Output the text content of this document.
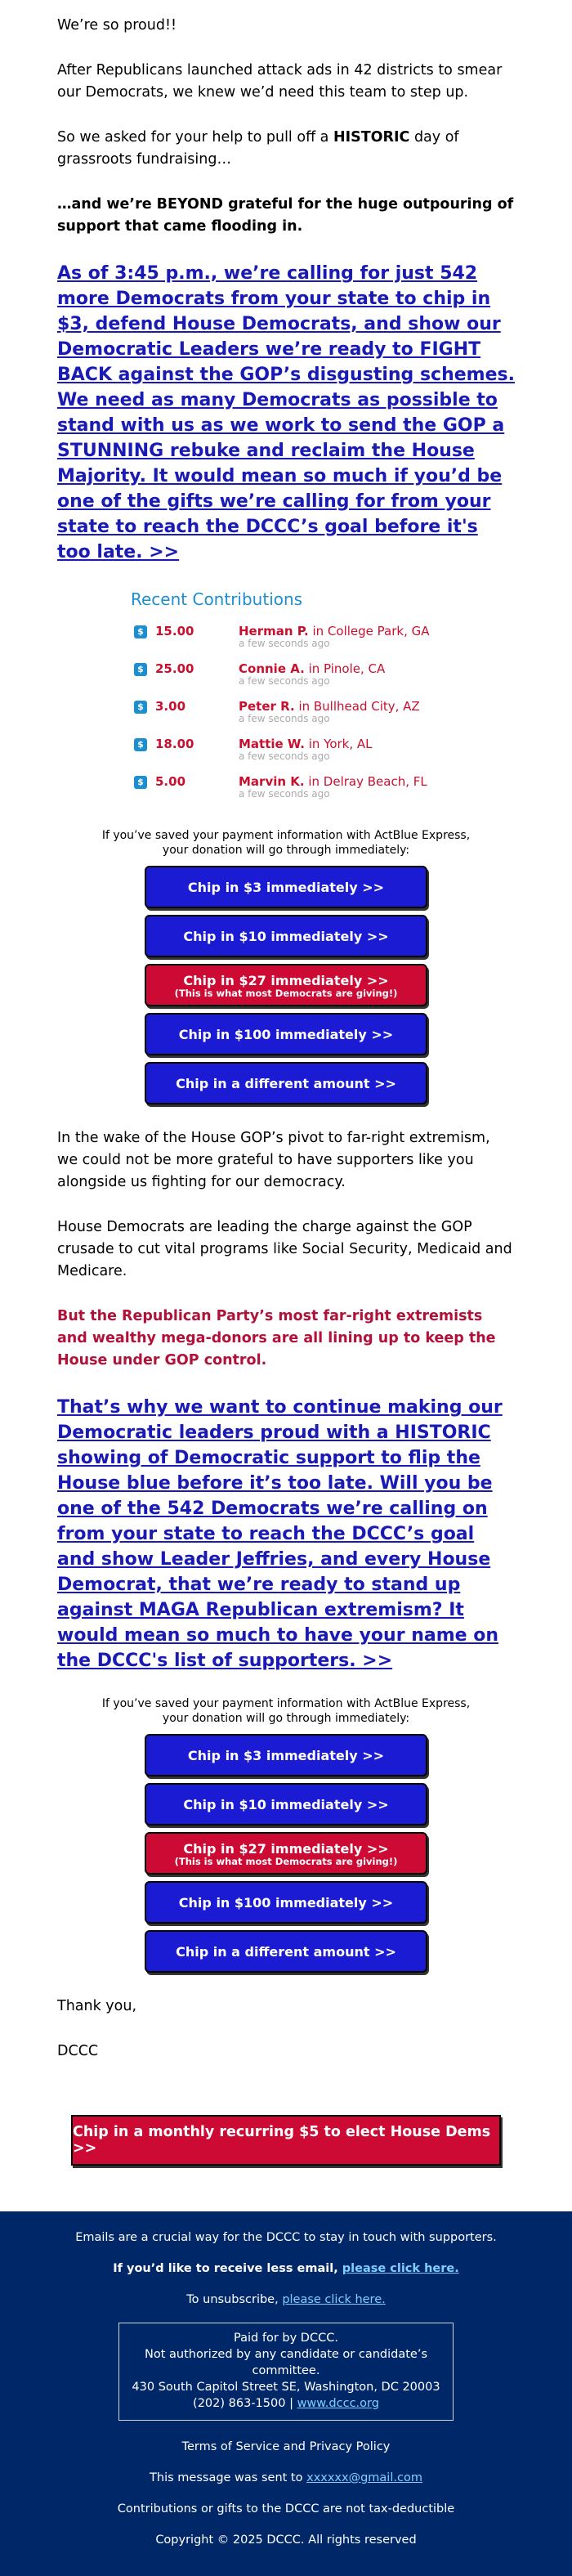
We’re so proud!!

After Republicans launched attack ads in 42 districts to smear our Democrats, we knew we’d need this team to step up.

So we asked for your help to pull off a HISTORIC day of grassroots fundraising…

…and we’re BEYOND grateful for the huge outpouring of support that came flooding in.

As of 3:45 p.m., we’re calling for just 542 more Democrats from your state to chip in $3, defend House Democrats, and show our Democratic Leaders we’re ready to FIGHT BACK against the GOP’s disgusting schemes. We need as many Democrats as possible to stand with us as we work to send the GOP a STUNNING rebuke and reclaim the House Majority. It would mean so much if you’d be one of the gifts we’re calling for from your state to reach the DCCC’s goal before it's too late. >>

Recent Contributions
$ 15.00	Herman P. in College Park, GA
a few seconds ago
$ 25.00	Connie A. in Pinole, CA
a few seconds ago
$ 3.00	Peter R. in Bullhead City, AZ
a few seconds ago
$ 18.00	Mattie W. in York, AL
a few seconds ago
$ 5.00	Marvin K. in Delray Beach, FL
a few seconds ago
If you’ve saved your payment information with ActBlue Express,
your donation will go through immediately:
Chip in $3 immediately >>
Chip in $10 immediately >>
Chip in $27 immediately >>
(This is what most Democrats are giving!)
Chip in $100 immediately >>
Chip in a different amount >>

In the wake of the House GOP’s pivot to far-right extremism, we could not be more grateful to have supporters like you alongside us fighting for our democracy.

House Democrats are leading the charge against the GOP crusade to cut vital programs like Social Security, Medicaid and Medicare.

But the Republican Party’s most far-right extremists and wealthy mega-donors are all lining up to keep the House under GOP control.

That’s why we want to continue making our Democratic leaders proud with a HISTORIC showing of Democratic support to flip the House blue before it’s too late. Will you be one of the 542 Democrats we’re calling on from your state to reach the DCCC’s goal and show Leader Jeffries, and every House Democrat, that we’re ready to stand up against MAGA Republican extremism? It would mean so much to have your name on the DCCC's list of supporters. >>

If you’ve saved your payment information with ActBlue Express,
your donation will go through immediately:
Chip in $3 immediately >>
Chip in $10 immediately >>
Chip in $27 immediately >>
(This is what most Democrats are giving!)
Chip in $100 immediately >>
Chip in a different amount >>

Thank you,

DCCC

Chip in a monthly recurring $5 to elect House Dems >>

Emails are a crucial way for the DCCC to stay in touch with supporters.

If you’d like to receive less email, please click here.

To unsubscribe, please click here.

Paid for by DCCC.
Not authorized by any candidate or candidate’s committee.
430 South Capitol Street SE, Washington, DC 20003
(202) 863-1500 | www.dccc.org

Terms of Service and Privacy Policy

This message was sent to xxxxxx@gmail.com

Contributions or gifts to the DCCC are not tax-deductible

Copyright © 2025 DCCC. All rights reserved
